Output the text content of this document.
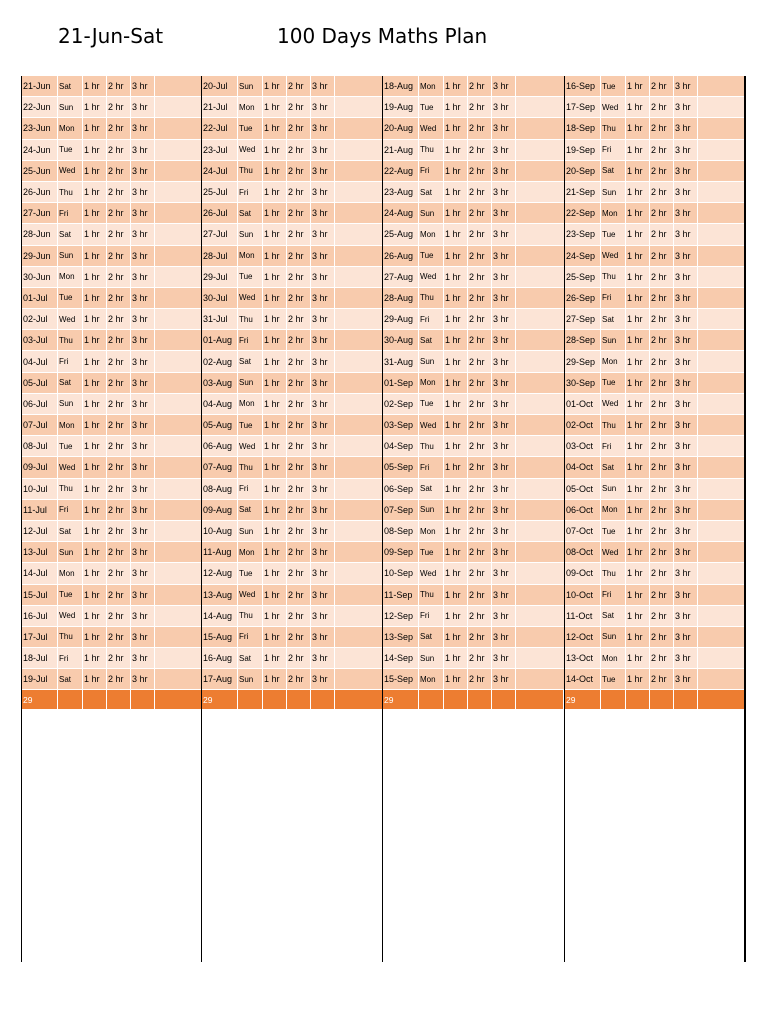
21-Jun-Sat	100 Days Maths Plan
21-Jun	Sat	1 hr 2 hr 3 hr
22-Jun	Sun	1 hr 2 hr 3 hr
23-Jun	Mon	1 hr 2 hr 3 hr
24-Jun	Tue	1 hr 2 hr 3 hr
25-Jun	Wed 1 hr 2 hr 3 hr
26-Jun	Thu	1 hr 2 hr 3 hr
27-Jun	Fri	1 hr 2 hr 3 hr
28-Jun	Sat	1 hr 2 hr 3 hr
29-Jun	Sun	1 hr 2 hr 3 hr
30-Jun	Mon	1 hr 2 hr 3 hr
01-Jul	Tue	1 hr 2 hr 3 hr
02-Jul	Wed 1 hr 2 hr 3 hr
03-Jul	Thu	1 hr 2 hr 3 hr
04-Jul	Fri	1 hr 2 hr 3 hr
05-Jul	Sat	1 hr 2 hr 3 hr
06-Jul	Sun	1 hr 2 hr 3 hr
07-Jul	Mon	1 hr 2 hr 3 hr
08-Jul	Tue	1 hr 2 hr 3 hr
09-Jul	Wed 1 hr 2 hr 3 hr
10-Jul	Thu	1 hr 2 hr 3 hr
11-Jul	Fri	1 hr 2 hr 3 hr
12-Jul	Sat	1 hr 2 hr 3 hr
13-Jul	Sun	1 hr 2 hr 3 hr
14-Jul	Mon	1 hr 2 hr 3 hr
15-Jul	Tue	1 hr 2 hr 3 hr
16-Jul	Wed 1 hr 2 hr 3 hr
17-Jul	Thu	1 hr 2 hr 3 hr
18-Jul	Fri	1 hr 2 hr 3 hr
19-Jul	Sat	1 hr 2 hr 3 hr
29
20-Jul	Sun	1 hr 2 hr 3 hr
21-Jul	Mon	1 hr 2 hr 3 hr
22-Jul	Tue	1 hr 2 hr 3 hr
23-Jul	Wed 1 hr 2 hr 3 hr
24-Jul	Thu	1 hr 2 hr 3 hr
25-Jul	Fri	1 hr 2 hr 3 hr
26-Jul	Sat	1 hr 2 hr 3 hr
27-Jul	Sun	1 hr 2 hr 3 hr
28-Jul	Mon	1 hr 2 hr 3 hr
29-Jul	Tue	1 hr 2 hr 3 hr
30-Jul	Wed 1 hr 2 hr 3 hr
31-Jul	Thu	1 hr 2 hr 3 hr
01-Aug Fri	1 hr 2 hr 3 hr
02-Aug Sat	1 hr 2 hr 3 hr
03-Aug Sun	1 hr 2 hr 3 hr
04-Aug Mon	1 hr 2 hr 3 hr
05-Aug Tue	1 hr 2 hr 3 hr
06-Aug Wed 1 hr 2 hr 3 hr
07-Aug Thu	1 hr 2 hr 3 hr
08-Aug Fri	1 hr 2 hr 3 hr
09-Aug Sat	1 hr 2 hr 3 hr
10-Aug Sun	1 hr 2 hr 3 hr
11-Aug Mon	1 hr 2 hr 3 hr
12-Aug Tue	1 hr 2 hr 3 hr
13-Aug Wed 1 hr 2 hr 3 hr
14-Aug Thu	1 hr 2 hr 3 hr
15-Aug Fri	1 hr 2 hr 3 hr
16-Aug Sat	1 hr 2 hr 3 hr
17-Aug Sun	1 hr 2 hr 3 hr
29
18-Aug Mon	1 hr 2 hr 3 hr
19-Aug Tue	1 hr 2 hr 3 hr
20-Aug Wed 1 hr 2 hr 3 hr
21-Aug Thu	1 hr 2 hr 3 hr
22-Aug Fri	1 hr 2 hr 3 hr
23-Aug Sat	1 hr 2 hr 3 hr
24-Aug Sun	1 hr 2 hr 3 hr
25-Aug Mon	1 hr 2 hr 3 hr
26-Aug Tue	1 hr 2 hr 3 hr
27-Aug Wed 1 hr 2 hr 3 hr
28-Aug Thu	1 hr 2 hr 3 hr
29-Aug Fri	1 hr 2 hr 3 hr
30-Aug Sat	1 hr 2 hr 3 hr
31-Aug Sun	1 hr 2 hr 3 hr
01-Sep Mon	1 hr 2 hr 3 hr
02-Sep Tue	1 hr 2 hr 3 hr
03-Sep Wed 1 hr 2 hr 3 hr
04-Sep Thu	1 hr 2 hr 3 hr
05-Sep Fri	1 hr 2 hr 3 hr
06-Sep Sat	1 hr 2 hr 3 hr
07-Sep Sun	1 hr 2 hr 3 hr
08-Sep Mon	1 hr 2 hr 3 hr
09-Sep Tue	1 hr 2 hr 3 hr
10-Sep Wed 1 hr 2 hr 3 hr
11-Sep Thu	1 hr 2 hr 3 hr
12-Sep Fri	1 hr 2 hr 3 hr
13-Sep Sat	1 hr 2 hr 3 hr
14-Sep Sun	1 hr 2 hr 3 hr
15-Sep Mon	1 hr 2 hr 3 hr
29
16-Sep Tue	1 hr 2 hr 3 hr
17-Sep Wed 1 hr 2 hr 3 hr
18-Sep Thu	1 hr 2 hr 3 hr
19-Sep Fri	1 hr 2 hr 3 hr
20-Sep Sat	1 hr 2 hr 3 hr
21-Sep Sun	1 hr 2 hr 3 hr
22-Sep Mon	1 hr 2 hr 3 hr
23-Sep Tue	1 hr 2 hr 3 hr
24-Sep Wed 1 hr 2 hr 3 hr
25-Sep Thu	1 hr 2 hr 3 hr
26-Sep Fri	1 hr 2 hr 3 hr
27-Sep Sat	1 hr 2 hr 3 hr
28-Sep Sun	1 hr 2 hr 3 hr
29-Sep Mon	1 hr 2 hr 3 hr
30-Sep Tue	1 hr 2 hr 3 hr
01-Oct	Wed 1 hr 2 hr 3 hr
02-Oct	Thu	1 hr 2 hr 3 hr
03-Oct	Fri	1 hr 2 hr 3 hr
04-Oct	Sat	1 hr 2 hr 3 hr
05-Oct	Sun	1 hr 2 hr 3 hr
06-Oct	Mon	1 hr 2 hr 3 hr
07-Oct	Tue	1 hr 2 hr 3 hr
08-Oct	Wed 1 hr 2 hr 3 hr
09-Oct	Thu	1 hr 2 hr 3 hr
10-Oct	Fri	1 hr 2 hr 3 hr
11-Oct	Sat	1 hr 2 hr 3 hr
12-Oct	Sun	1 hr 2 hr 3 hr
13-Oct	Mon	1 hr 2 hr 3 hr
14-Oct	Tue	1 hr 2 hr 3 hr
29
